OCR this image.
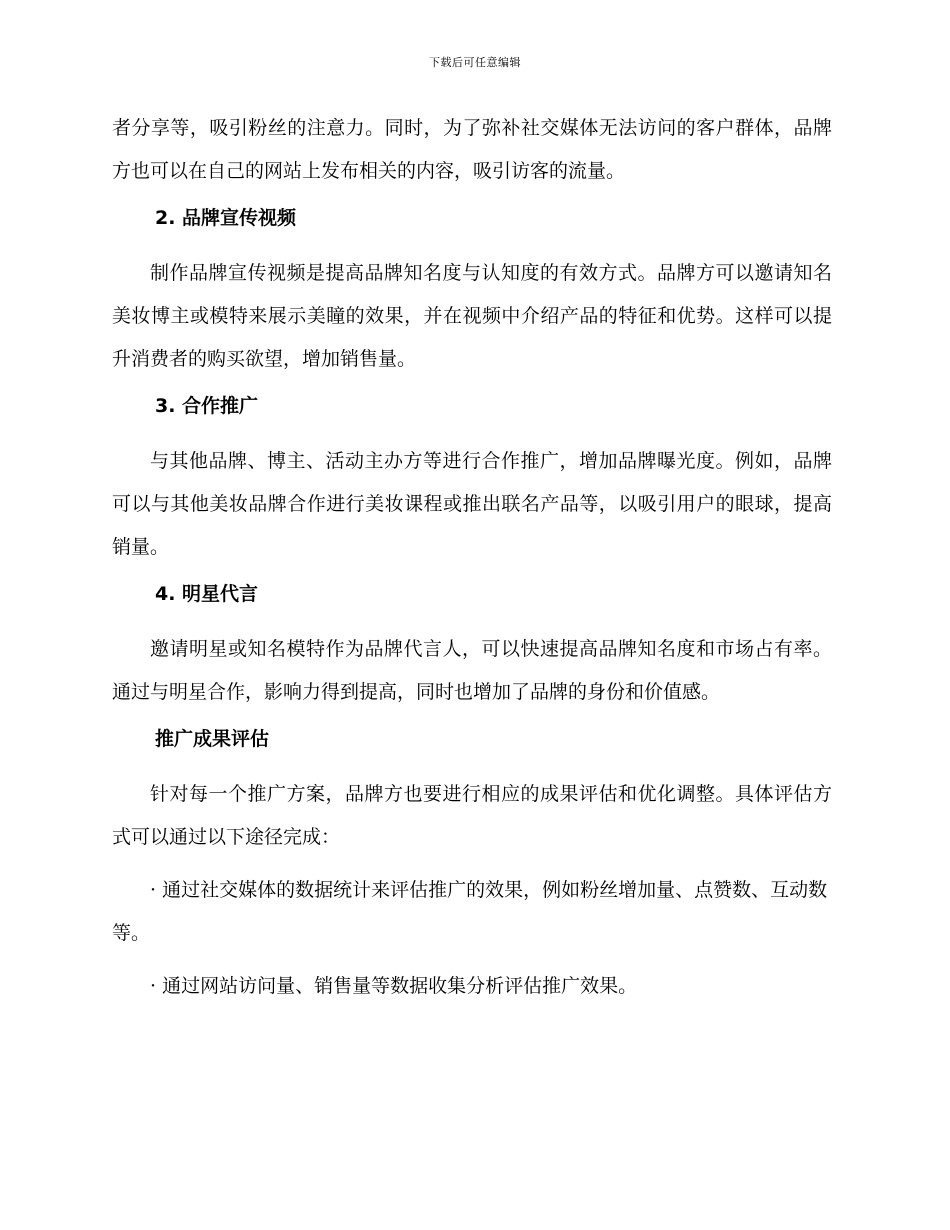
下载后可任意编辑

者分享等，吸引粉丝的注意力。同时，为了弥补社交媒体无法访问的客户群体，品牌方也可以在自己的网站上发布相关的内容，吸引访客的流量。

2. 品牌宣传视频

制作品牌宣传视频是提高品牌知名度与认知度的有效方式。品牌方可以邀请知名美妆博主或模特来展示美瞳的效果，并在视频中介绍产品的特征和优势。这样可以提升消费者的购买欲望，增加销售量。

3. 合作推广

与其他品牌、博主、活动主办方等进行合作推广，增加品牌曝光度。例如，品牌可以与其他美妆品牌合作进行美妆课程或推出联名产品等，以吸引用户的眼球，提高销量。

4. 明星代言

邀请明星或知名模特作为品牌代言人，可以快速提高品牌知名度和市场占有率。通过与明星合作，影响力得到提高，同时也增加了品牌的身份和价值感。

推广成果评估

针对每一个推广方案，品牌方也要进行相应的成果评估和优化调整。具体评估方式可以通过以下途径完成：

· 通过社交媒体的数据统计来评估推广的效果，例如粉丝增加量、点赞数、互动数等。

· 通过网站访问量、销售量等数据收集分析评估推广效果。
